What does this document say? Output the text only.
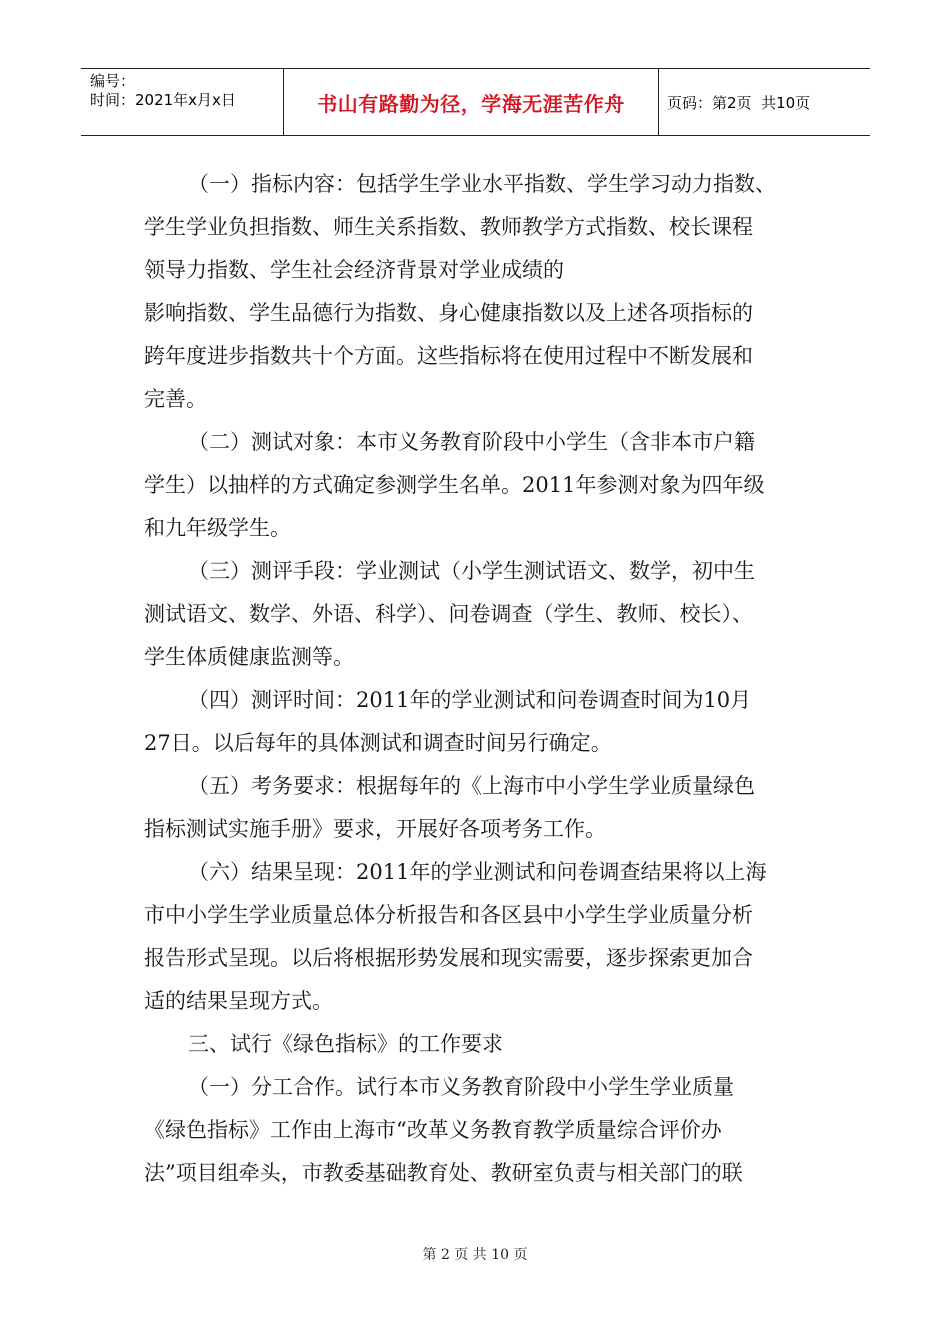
编号：
时间：2021年x月x日	书山有路勤为径，学海无涯苦作舟	页码：第2页  共10页
（一）指标内容：包括学生学业水平指数、学生学习动力指数、
学生学业负担指数、师生关系指数、教师教学方式指数、校长课程
领导力指数、学生社会经济背景对学业成绩的
影响指数、学生品德行为指数、身心健康指数以及上述各项指标的
跨年度进步指数共十个方面。这些指标将在使用过程中不断发展和
完善。
（二）测试对象：本市义务教育阶段中小学生（含非本市户籍
学生）以抽样的方式确定参测学生名单。2011年参测对象为四年级
和九年级学生。
（三）测评手段：学业测试（小学生测试语文、数学，初中生
测试语文、数学、外语、科学）、问卷调查（学生、教师、校长）、
学生体质健康监测等。
（四）测评时间：2011年的学业测试和问卷调查时间为10月
27日。以后每年的具体测试和调查时间另行确定。
（五）考务要求：根据每年的《上海市中小学生学业质量绿色
指标测试实施手册》要求，开展好各项考务工作。
（六）结果呈现：2011年的学业测试和问卷调查结果将以上海
市中小学生学业质量总体分析报告和各区县中小学生学业质量分析
报告形式呈现。以后将根据形势发展和现实需要，逐步探索更加合
适的结果呈现方式。
三、试行《绿色指标》的工作要求
（一）分工合作。试行本市义务教育阶段中小学生学业质量
《绿色指标》工作由上海市“改革义务教育教学质量综合评价办
法”项目组牵头，市教委基础教育处、教研室负责与相关部门的联
第 2 页 共 10 页
